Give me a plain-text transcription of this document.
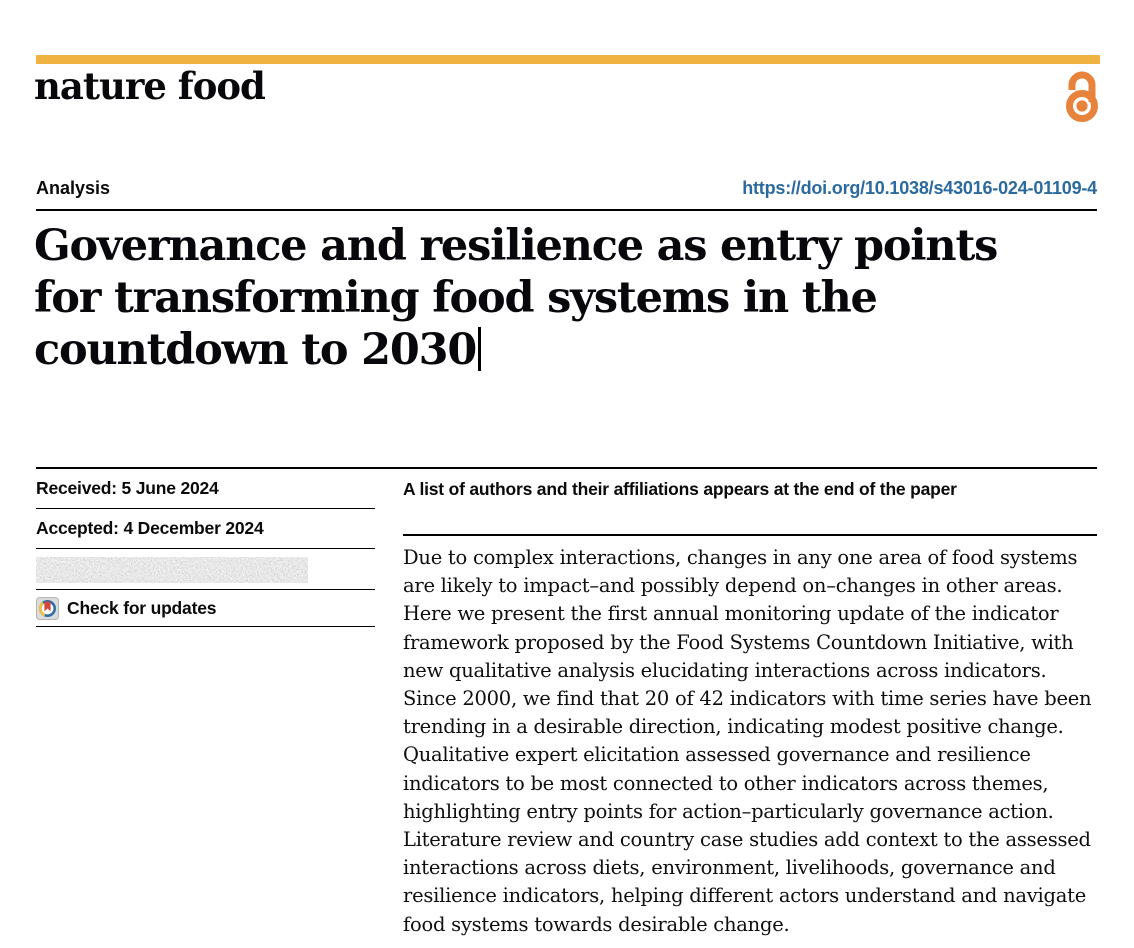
nature food
Analysis	https://doi.org/10.1038/s43016-024-01109-4
Governance and resilience as entry points for transforming food systems in the countdown to 2030
Received: 5 June 2024
Accepted: 4 December 2024
Check for updates
A list of authors and their affiliations appears at the end of the paper

Due to complex interactions, changes in any one area of food systems are likely to impact–and possibly depend on–changes in other areas. Here we present the first annual monitoring update of the indicator framework proposed by the Food Systems Countdown Initiative, with new qualitative analysis elucidating interactions across indicators. Since 2000, we find that 20 of 42 indicators with time series have been trending in a desirable direction, indicating modest positive change. Qualitative expert elicitation assessed governance and resilience indicators to be most connected to other indicators across themes, highlighting entry points for action–particularly governance action. Literature review and country case studies add context to the assessed interactions across diets, environment, livelihoods, governance and resilience indicators, helping different actors understand and navigate food systems towards desirable change.
